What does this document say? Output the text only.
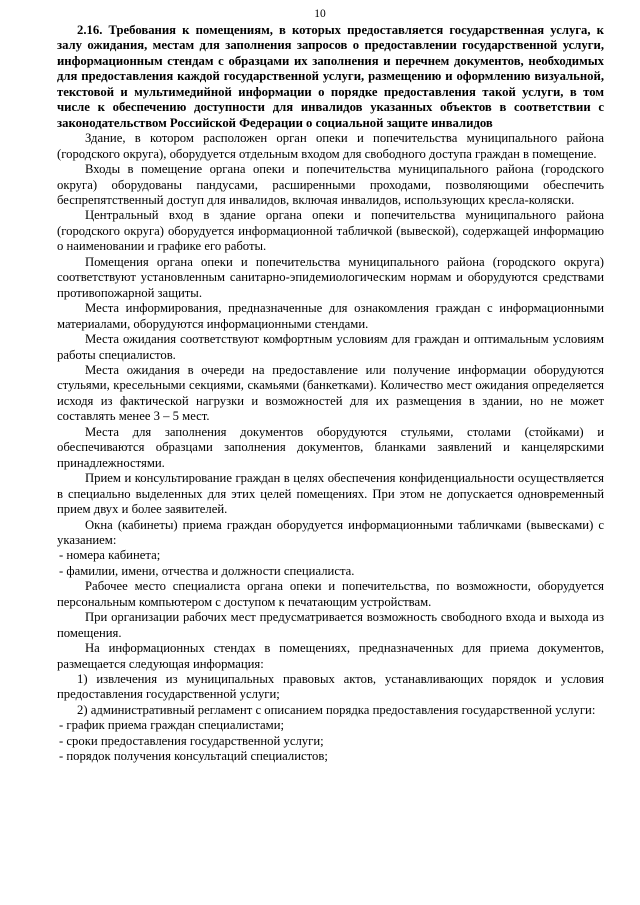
10

2.16. Требования к помещениям, в которых предоставляется государственная услуга, к залу ожидания, местам для заполнения запросов о предоставлении государственной услуги, информационным стендам с образцами их заполнения и перечнем документов, необходимых для предоставления каждой государственной услуги, размещению и оформлению визуальной, текстовой и мультимедийной информации о порядке предоставления такой услуги, в том числе к обеспечению доступности для инвалидов указанных объектов в соответствии с законодательством Российской Федерации о социальной защите инвалидов

Здание, в котором расположен орган опеки и попечительства муниципального района (городского округа), оборудуется отдельным входом для свободного доступа граждан в помещение.

Входы в помещение органа опеки и попечительства муниципального района (городского округа) оборудованы пандусами, расширенными проходами, позволяющими обеспечить беспрепятственный доступ для инвалидов, включая инвалидов, использующих кресла-коляски.

Центральный вход в здание органа опеки и попечительства муниципального района (городского округа) оборудуется информационной табличкой (вывеской), содержащей информацию о наименовании и графике его работы.

Помещения органа опеки и попечительства муниципального района (городского округа) соответствуют установленным санитарно-эпидемиологическим нормам и оборудуются средствами противопожарной защиты.

Места информирования, предназначенные для ознакомления граждан с информационными материалами, оборудуются информационными стендами.

Места ожидания соответствуют комфортным условиям для граждан и оптимальным условиям работы специалистов.

Места ожидания в очереди на предоставление или получение информации оборудуются стульями, кресельными секциями, скамьями (банкетками). Количество мест ожидания определяется исходя из фактической нагрузки и возможностей для их размещения в здании, но не может составлять менее 3 – 5 мест.

Места для заполнения документов оборудуются стульями, столами (стойками) и обеспечиваются образцами заполнения документов, бланками заявлений и канцелярскими принадлежностями.

Прием и консультирование граждан в целях обеспечения конфиденциальности осуществляется в специально выделенных для этих целей помещениях. При этом не допускается одновременный прием двух и более заявителей.

Окна (кабинеты) приема граждан оборудуется информационными табличками (вывесками) с указанием:

- номера кабинета;

- фамилии, имени, отчества и должности специалиста.

Рабочее место специалиста органа опеки и попечительства, по возможности, оборудуется персональным компьютером с доступом к печатающим устройствам.

При организации рабочих мест предусматривается возможность свободного входа и выхода из помещения.

На информационных стендах в помещениях, предназначенных для приема документов, размещается следующая информация:

1) извлечения из муниципальных правовых актов, устанавливающих порядок и условия предоставления государственной услуги;

2) административный регламент с описанием порядка предоставления государственной услуги:

- график приема граждан специалистами;

- сроки предоставления государственной услуги;

- порядок получения консультаций специалистов;
